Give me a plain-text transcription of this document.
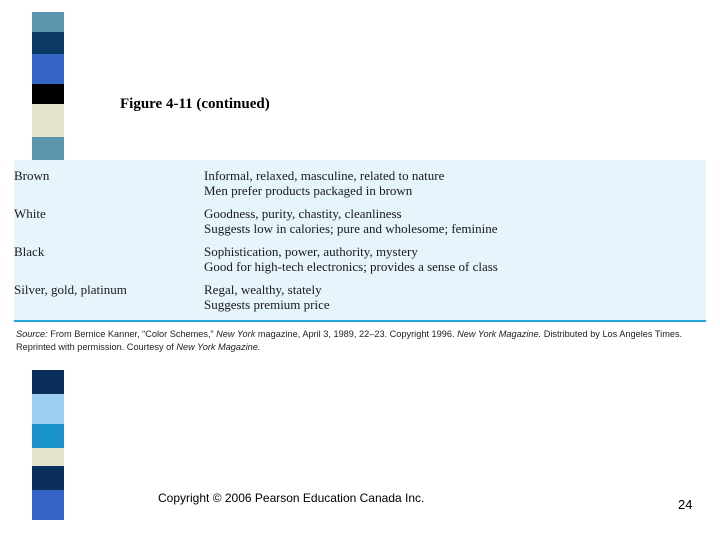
Figure 4-11 (continued)
Brown	Informal, relaxed, masculine, related to nature
Men prefer products packaged in brown
White	Goodness, purity, chastity, cleanliness
Suggests low in calories; pure and wholesome; feminine
Black	Sophistication, power, authority, mystery
Good for high-tech electronics; provides a sense of class
Silver, gold, platinum	Regal, wealthy, stately
Suggests premium price
Source: From Bernice Kanner, “Color Schemes,” New York magazine, April 3, 1989, 22–23. Copyright 1996. New York Magazine. Distributed by Los Angeles Times. Reprinted with permission. Courtesy of New York Magazine.
Copyright © 2006 Pearson Education Canada Inc.	24
